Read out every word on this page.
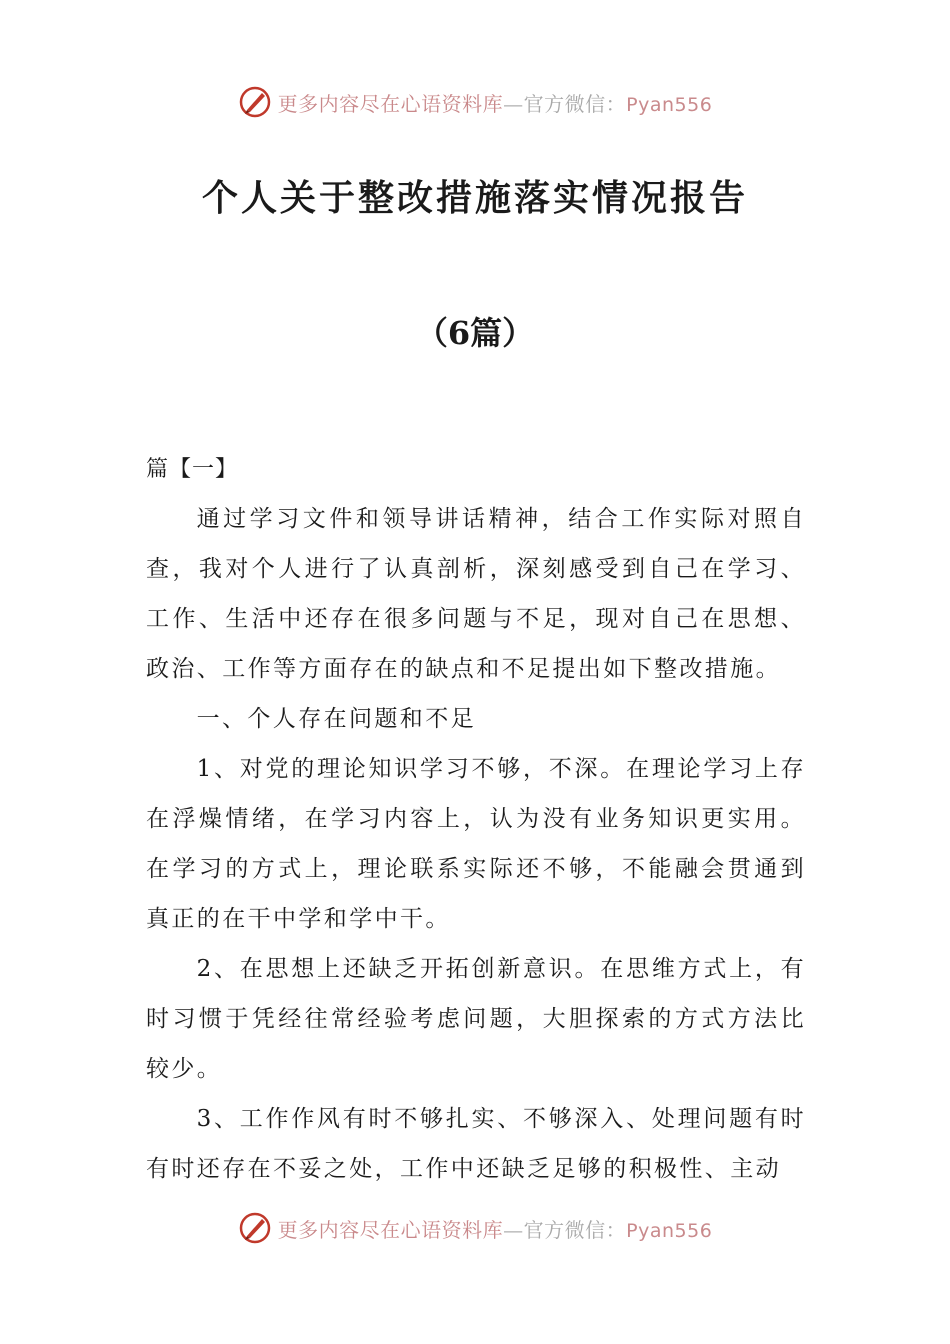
更多内容尽在心语资料库—官方微信：Pyan556
个人关于整改措施落实情况报告
（6篇）
篇【一】

通过学习文件和领导讲话精神，结合工作实际对照自查，我对个人进行了认真剖析，深刻感受到自己在学习、工作、生活中还存在很多问题与不足，现对自己在思想、政治、工作等方面存在的缺点和不足提出如下整改措施。

一、个人存在问题和不足

1、对党的理论知识学习不够，不深。在理论学习上存在浮燥情绪，在学习内容上，认为没有业务知识更实用。在学习的方式上，理论联系实际还不够，不能融会贯通到真正的在干中学和学中干。

2、在思想上还缺乏开拓创新意识。在思维方式上，有时习惯于凭经往常经验考虑问题，大胆探索的方式方法比较少。

3、工作作风有时不够扎实、不够深入、处理问题有时有时还存在不妥之处，工作中还缺乏足够的积极性、主动

更多内容尽在心语资料库—官方微信：Pyan556
